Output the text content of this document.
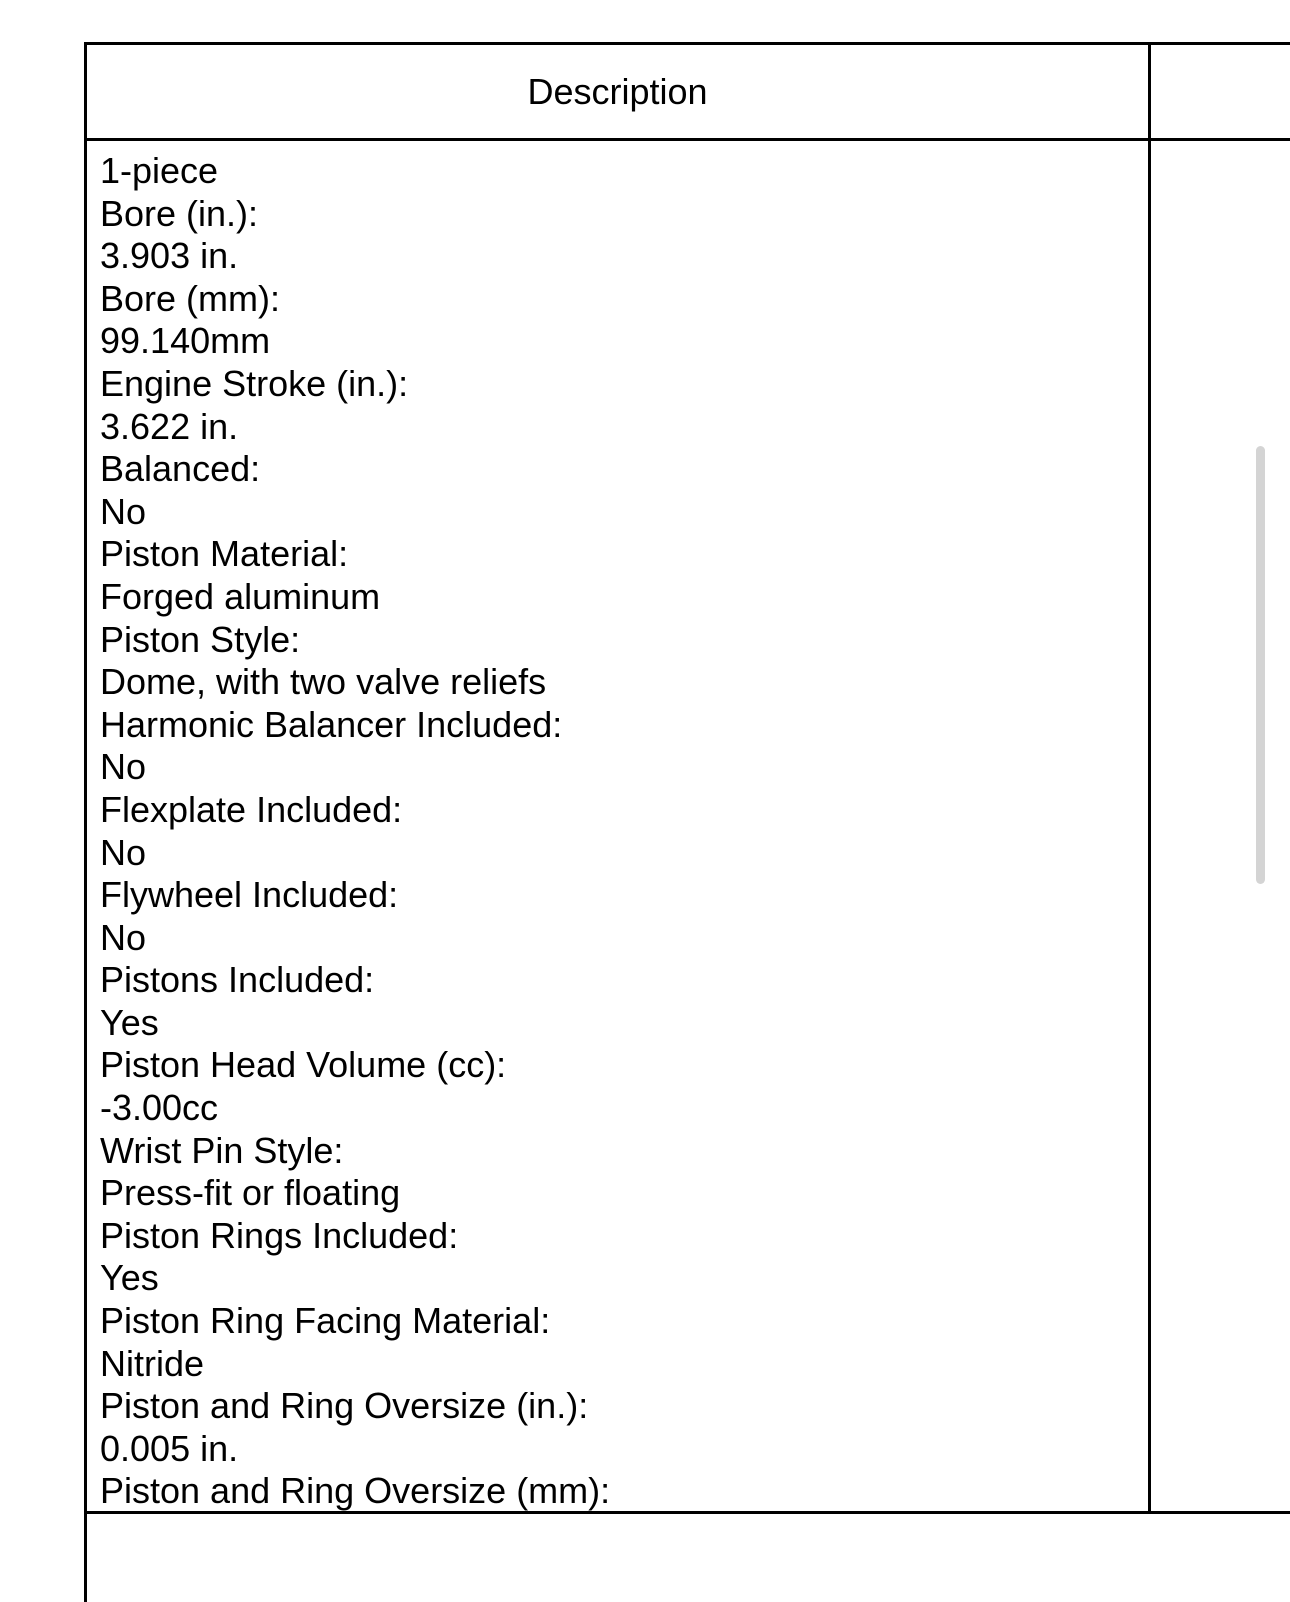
Description
1-piece
Bore (in.):
3.903 in.
Bore (mm):
99.140mm
Engine Stroke (in.):
3.622 in.
Balanced:
No
Piston Material:
Forged aluminum
Piston Style:
Dome, with two valve reliefs
Harmonic Balancer Included:
No
Flexplate Included:
No
Flywheel Included:
No
Pistons Included:
Yes
Piston Head Volume (cc):
-3.00cc
Wrist Pin Style:
Press-fit or floating
Piston Rings Included:
Yes
Piston Ring Facing Material:
Nitride
Piston and Ring Oversize (in.):
0.005 in.
Piston and Ring Oversize (mm):
